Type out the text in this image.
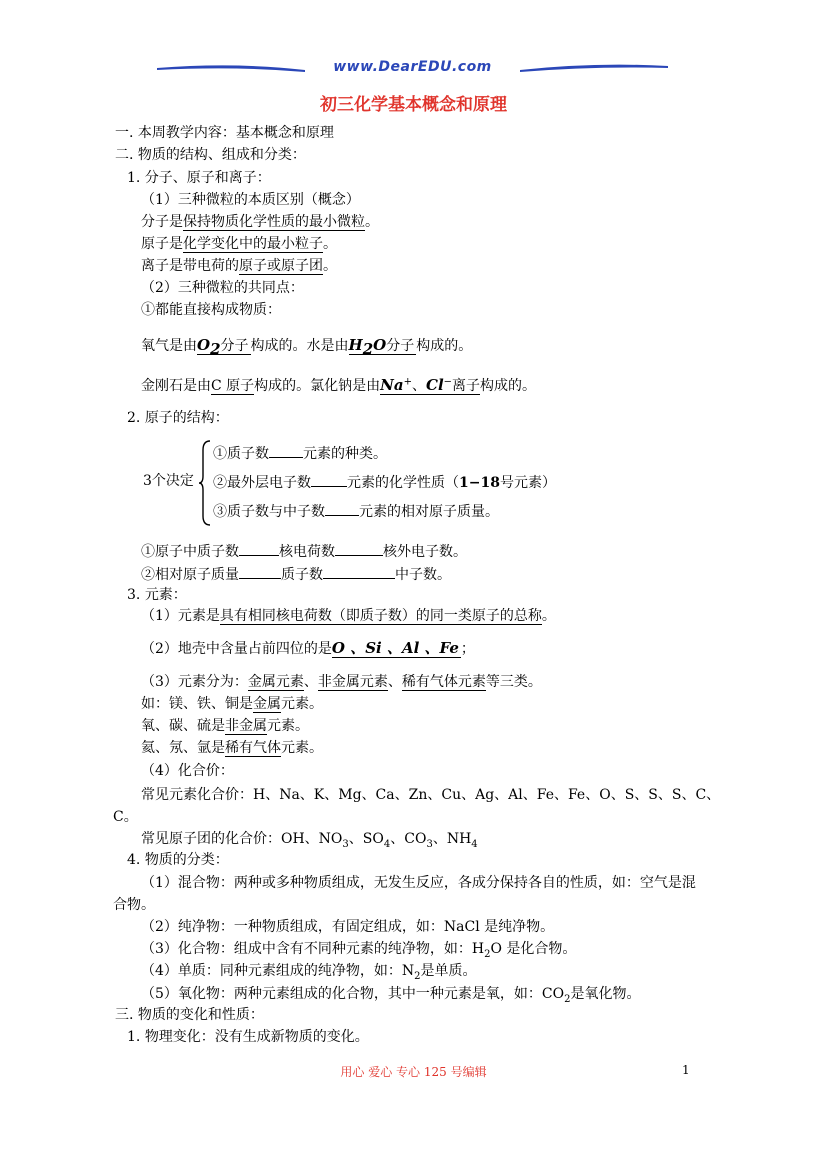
www.DearEDU.com
初三化学基本概念和原理
一. 本周教学内容：基本概念和原理
二. 物质的结构、组成和分类：
1. 分子、原子和离子：
（1）三种微粒的本质区别（概念）
分子是保持物质化学性质的最小微粒。
原子是化学变化中的最小粒子。
离子是带电荷的原子或原子团。
（2）三种微粒的共同点：
①都能直接构成物质：
氧气是由$O_2$分子 构成的。水是由$H_2O$分子 构成的。
金刚石是由C 原子构成的。氯化钠是由Na+、Cl−离子构成的。
2. 原子的结构：
3个决定
①质子数 元素的种类。
②最外层电子数	元素的化学性质（1−18号元素）
③质子数与中子数 元素的相对原子质量。
①原子中质子数	核电荷数	核外电子数。
②相对原子质量	质子数	中子数。
3. 元素：
（1）元素是具有相同核电荷数（即质子数）的同一类原子的总称。
（2）地壳中含量占前四位的是O 、Si 、Al 、Fe ；
（3）元素分为：金属元素、非金属元素、稀有气体元素等三类。
如：镁、铁、铜是金属元素。
氧、碳、硫是非金属元素。
氦、氖、氩是稀有气体元素。
（4）化合价：
常见元素化合价：H、Na、K、Mg、Ca、Zn、Cu、Ag、Al、Fe、Fe、O、S、S、S、C、
C。
常见原子团的化合价：OH、$NO_3$、$SO_4$、$CO_3$、$NH_4$
4. 物质的分类：
（1）混合物：两种或多种物质组成，无发生反应，各成分保持各自的性质，如：空气是混
合物。
（2）纯净物：一种物质组成，有固定组成，如：NaCl 是纯净物。
（3）化合物：组成中含有不同种元素的纯净物，如：$H_2O$ 是化合物。
（4）单质：同种元素组成的纯净物，如：$N_2$是单质。
（5）氧化物：两种元素组成的化合物，其中一种元素是氧，如：$CO_2$是氧化物。
三. 物质的变化和性质：
1. 物理变化：没有生成新物质的变化。
用心 爱心 专心 125 号编辑	1
